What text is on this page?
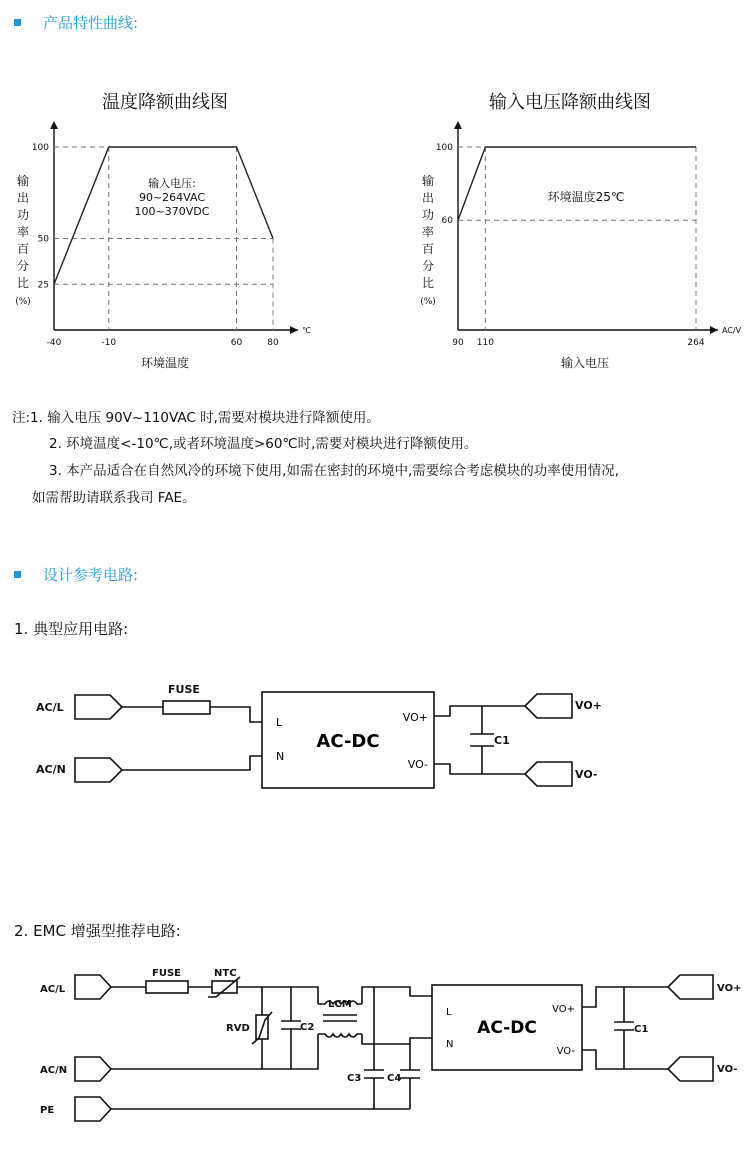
产品特性曲线:
温度降额曲线图
输
出
功
率
百
分
比
(%)
100
50
25
-40	-10	60	80
℃
环境温度
输入电压:
90~264VAC
100~370VDC
输入电压降额曲线图
输
出
功
率
百
分
比
(%)
100
60
90 110	264
AC/V
输入电压
环境温度25℃
注:1. 输入电压 90V~110VAC 时,需要对模块进行降额使用。
2. 环境温度<-10℃,或者环境温度>60℃时,需要对模块进行降额使用。
3. 本产品适合在自然风冷的环境下使用,如需在密封的环境中,需要综合考虑模块的功率使用情况,
如需帮助请联系我司 FAE。
设计参考电路:
1. 典型应用电路:
AC/L
AC/N
FUSE
VO+
VO-
C1
AC-DC
L
N
VO+
VO-
2. EMC 增强型推荐电路:
AC/L
AC/N
PE
FUSE	NTC
RVD	C2
LCM
C3	C4
VO+
VO-
C1
AC-DC
L
N
VO+
VO-
